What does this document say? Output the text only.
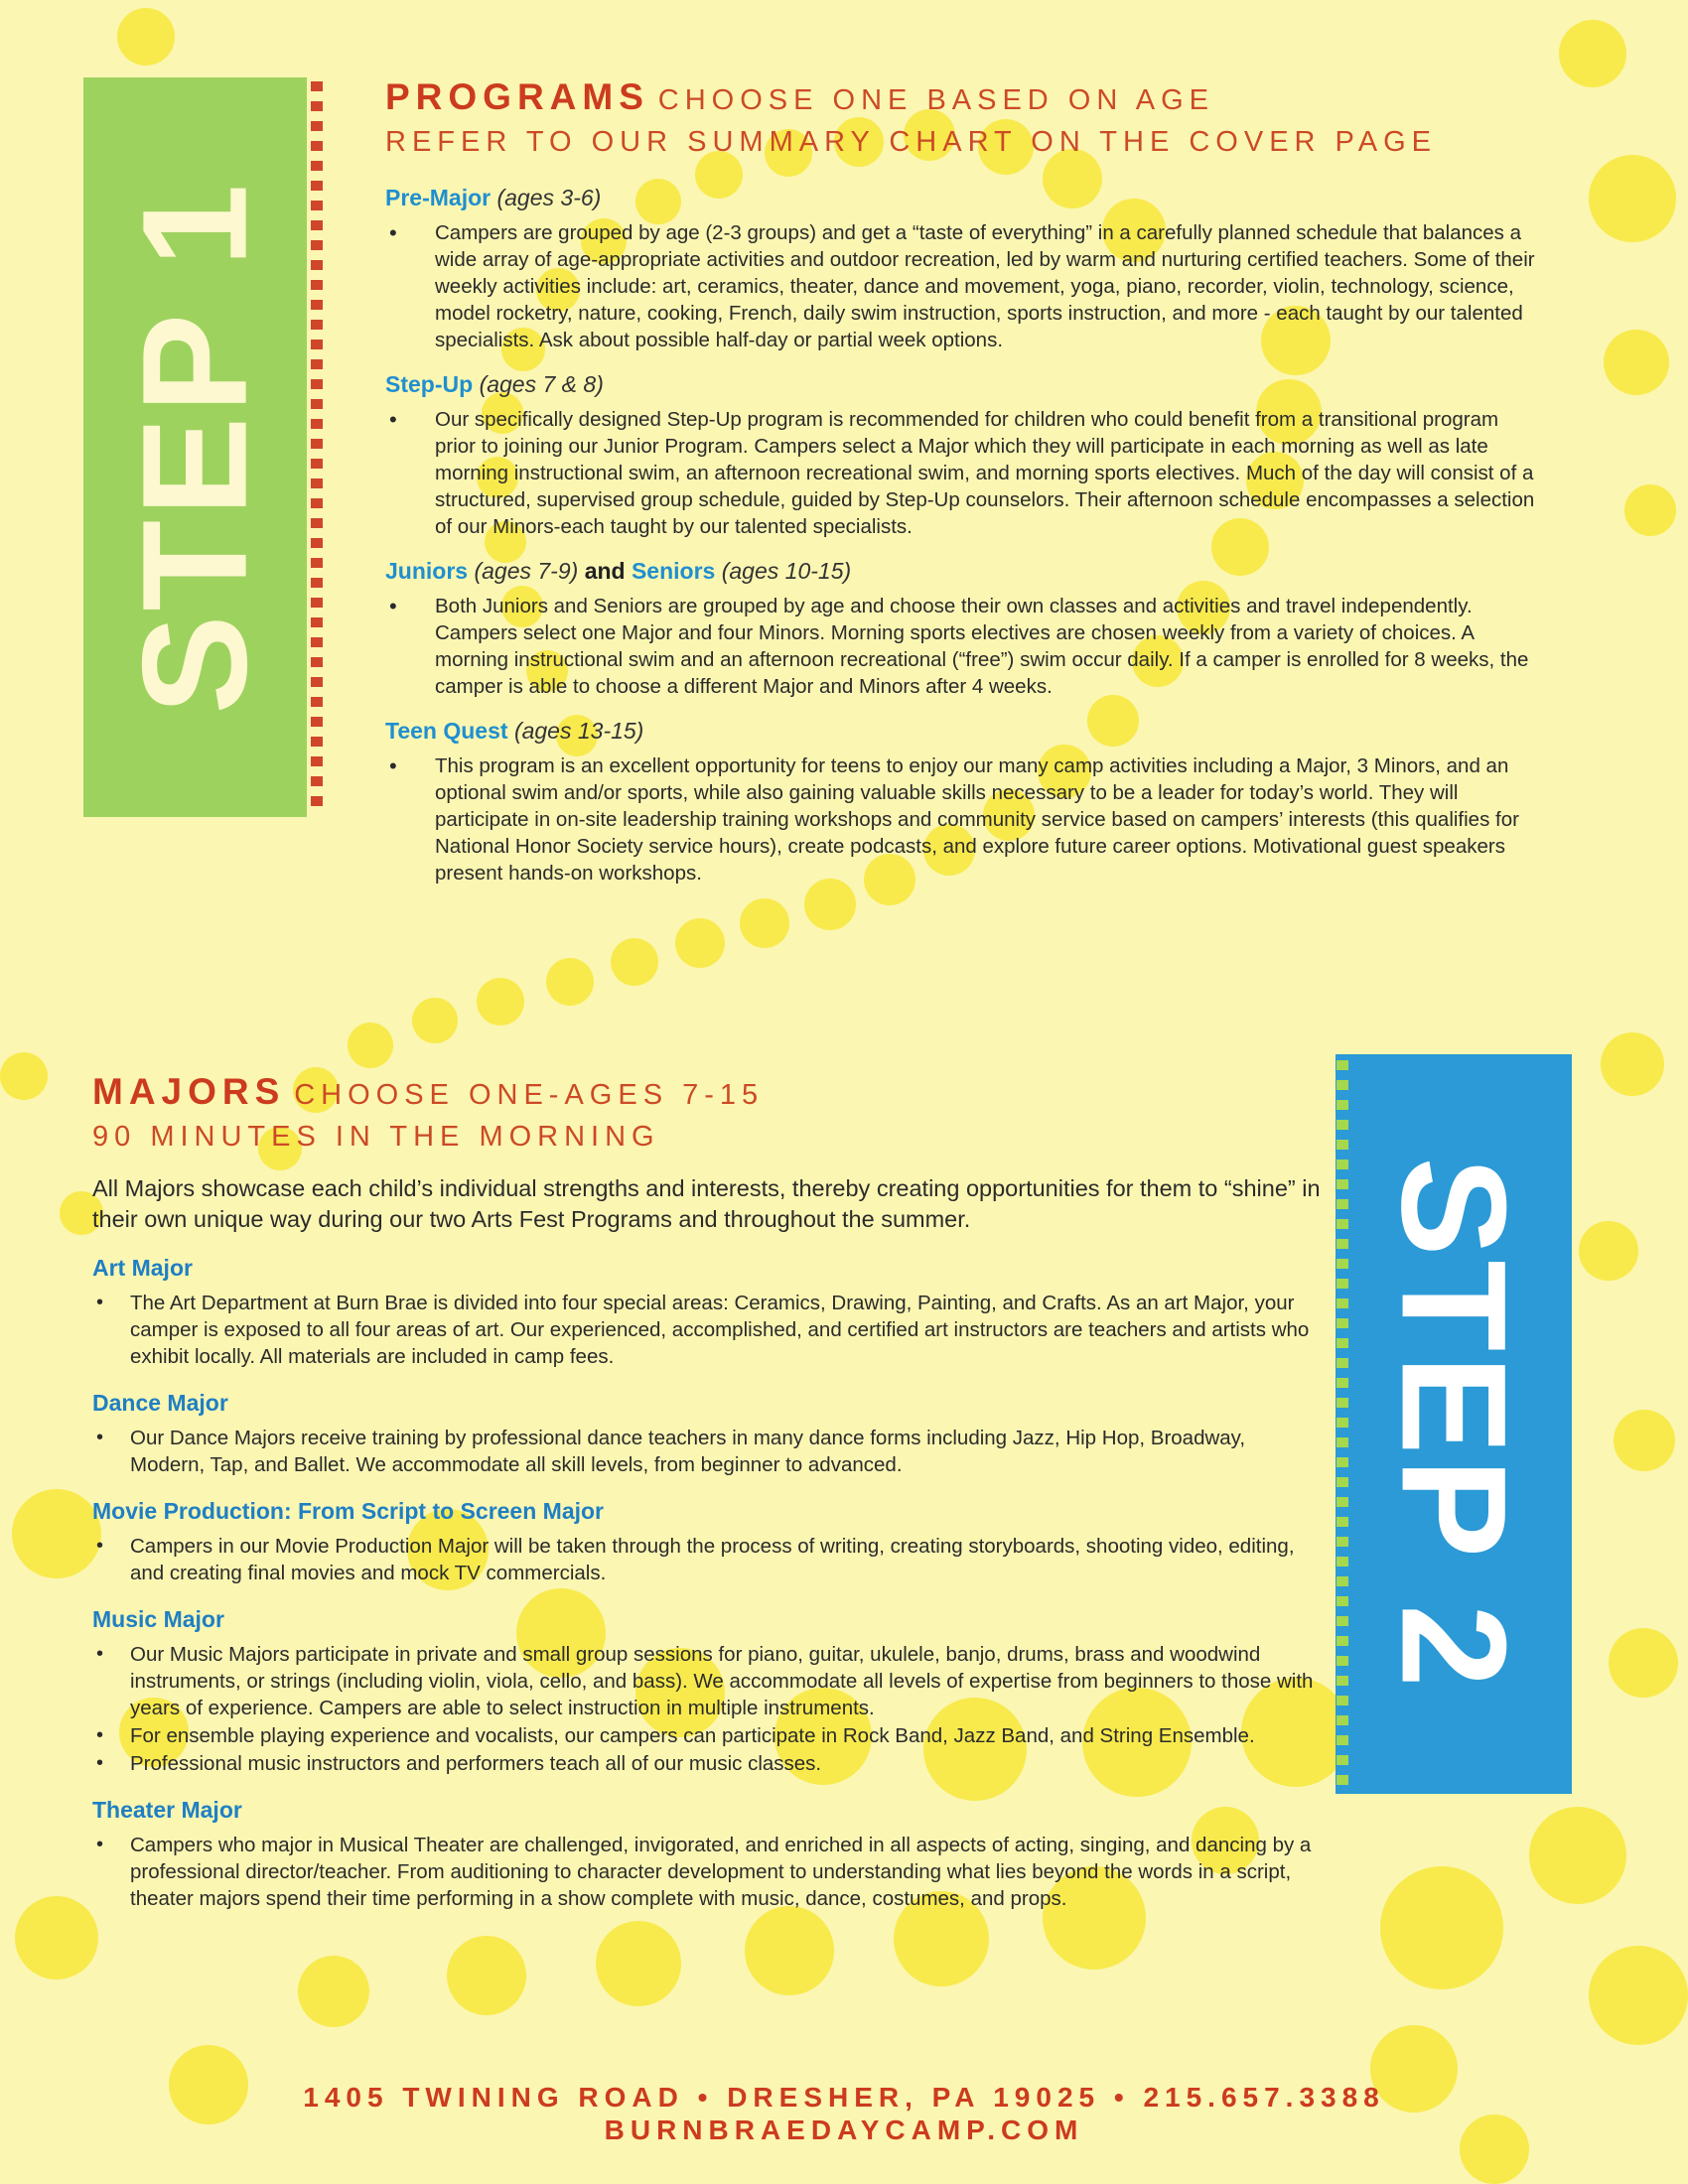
STEP 1
STEP 2
PROGRAMS CHOOSE ONE BASED ON AGE
REFER TO OUR SUMMARY CHART ON THE COVER PAGE
Pre-Major (ages 3-6)
• Campers are grouped by age (2-3 groups) and get a “taste of everything” in a carefully planned schedule that balances a wide array of age-appropriate activities and outdoor recreation, led by warm and nurturing certified teachers. Some of their weekly activities include: art, ceramics, theater, dance and movement, yoga, piano, recorder, violin, technology, science, model rocketry, nature, cooking, French, daily swim instruction, sports instruction, and more - each taught by our talented specialists. Ask about possible half-day or partial week options.
Step-Up (ages 7 & 8)
• Our specifically designed Step-Up program is recommended for children who could benefit from a transitional program prior to joining our Junior Program. Campers select a Major which they will participate in each morning as well as late morning instructional swim, an afternoon recreational swim, and morning sports electives. Much of the day will consist of a structured, supervised group schedule, guided by Step-Up counselors. Their afternoon schedule encompasses a selection of our Minors-each taught by our talented specialists.
Juniors (ages 7-9) and Seniors (ages 10-15)
• Both Juniors and Seniors are grouped by age and choose their own classes and activities and travel independently. Campers select one Major and four Minors. Morning sports electives are chosen weekly from a variety of choices. A morning instructional swim and an afternoon recreational (“free”) swim occur daily. If a camper is enrolled for 8 weeks, the camper is able to choose a different Major and Minors after 4 weeks.
Teen Quest (ages 13-15)
• This program is an excellent opportunity for teens to enjoy our many camp activities including a Major, 3 Minors, and an optional swim and/or sports, while also gaining valuable skills necessary to be a leader for today’s world. They will participate in on-site leadership training workshops and community service based on campers’ interests (this qualifies for National Honor Society service hours), create podcasts, and explore future career options. Motivational guest speakers present hands-on workshops.
MAJORS CHOOSE ONE-AGES 7-15
90 MINUTES IN THE MORNING
All Majors showcase each child’s individual strengths and interests, thereby creating opportunities for them to “shine” in their own unique way during our two Arts Fest Programs and throughout the summer.
Art Major
• The Art Department at Burn Brae is divided into four special areas: Ceramics, Drawing, Painting, and Crafts. As an art Major, your camper is exposed to all four areas of art. Our experienced, accomplished, and certified art instructors are teachers and artists who exhibit locally. All materials are included in camp fees.
Dance Major
• Our Dance Majors receive training by professional dance teachers in many dance forms including Jazz, Hip Hop, Broadway, Modern, Tap, and Ballet. We accommodate all skill levels, from beginner to advanced.
Movie Production: From Script to Screen Major
• Campers in our Movie Production Major will be taken through the process of writing, creating storyboards, shooting video, editing, and creating final movies and mock TV commercials.
Music Major
• Our Music Majors participate in private and small group sessions for piano, guitar, ukulele, banjo, drums, brass and woodwind instruments, or strings (including violin, viola, cello, and bass). We accommodate all levels of expertise from beginners to those with years of experience. Campers are able to select instruction in multiple instruments.
• For ensemble playing experience and vocalists, our campers can participate in Rock Band, Jazz Band, and String Ensemble.
• Professional music instructors and performers teach all of our music classes.
Theater Major
• Campers who major in Musical Theater are challenged, invigorated, and enriched in all aspects of acting, singing, and dancing by a professional director/teacher. From auditioning to character development to understanding what lies beyond the words in a script, theater majors spend their time performing in a show complete with music, dance, costumes, and props.
1405 TWINING ROAD • DRESHER, PA 19025 • 215.657.3388
BURNBRAEDAYCAMP.COM
